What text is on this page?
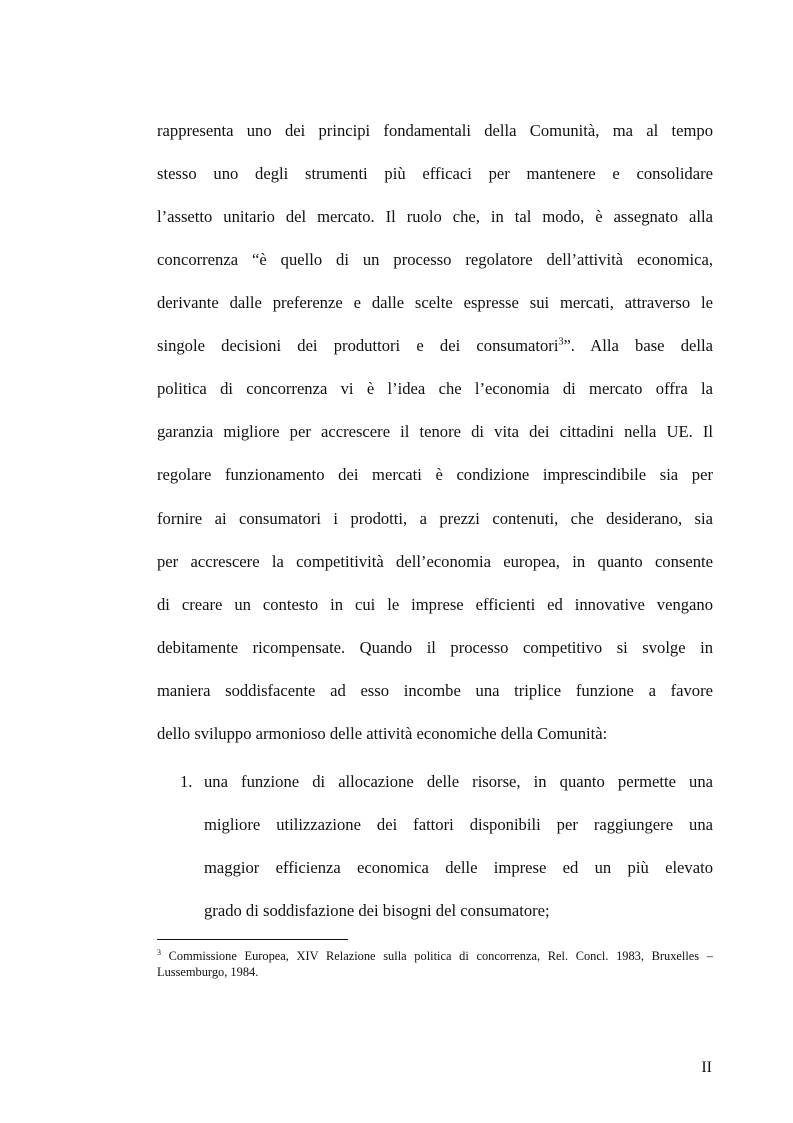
rappresenta uno dei principi fondamentali della Comunità, ma al tempo
stesso uno degli strumenti più efficaci per mantenere e consolidare
l’assetto unitario del mercato. Il ruolo che, in tal modo, è assegnato alla
concorrenza “è quello di un processo regolatore dell’attività economica,
derivante dalle preferenze e dalle scelte espresse sui mercati, attraverso le
singole decisioni dei produttori e dei consumatori$^3$”. Alla base della
politica di concorrenza vi è l’idea che l’economia di mercato offra la
garanzia migliore per accrescere il tenore di vita dei cittadini nella UE. Il
regolare funzionamento dei mercati è condizione imprescindibile sia per
fornire ai consumatori i prodotti, a prezzi contenuti, che desiderano, sia
per accrescere la competitività dell’economia europea, in quanto consente
di creare un contesto in cui le imprese efficienti ed innovative vengano
debitamente ricompensate. Quando il processo competitivo si svolge in
maniera soddisfacente ad esso incombe una triplice funzione a favore
dello sviluppo armonioso delle attività economiche della Comunità:
1. una funzione di allocazione delle risorse, in quanto permette una
migliore utilizzazione dei fattori disponibili per raggiungere una
maggior efficienza economica delle imprese ed un più elevato
grado di soddisfazione dei bisogni del consumatore;
$^3$ Commissione Europea, XIV Relazione sulla politica di concorrenza, Rel. Concl. 1983, Bruxelles –
Lussemburgo, 1984.
II
